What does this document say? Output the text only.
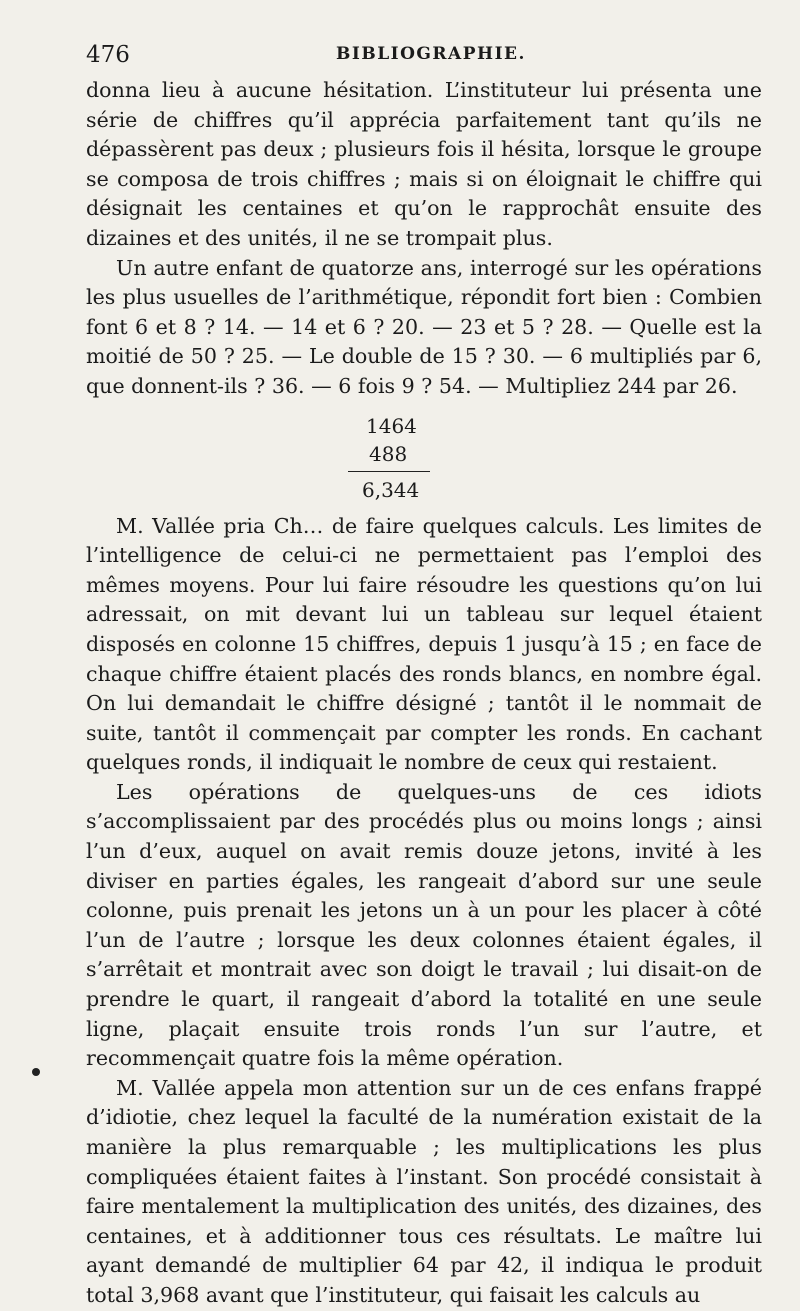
476	BIBLIOGRAPHIE.

donna lieu à aucune hésitation. L’instituteur lui présenta une série de chiffres qu’il apprécia parfaitement tant qu’ils ne dépassèrent pas deux ; plusieurs fois il hésita, lorsque le groupe se composa de trois chiffres ; mais si on éloignait le chiffre qui désignait les centaines et qu’on le rapprochât ensuite des dizaines et des unités, il ne se trompait plus.

Un autre enfant de quatorze ans, interrogé sur les opérations les plus usuelles de l’arithmétique, répondit fort bien : Combien font 6 et 8 ? 14. — 14 et 6 ? 20. — 23 et 5 ? 28. — Quelle est la moitié de 50 ? 25. — Le double de 15 ? 30. — 6 multipliés par 6, que donnent-ils ? 36. — 6 fois 9 ? 54. — Multipliez 244 par 26.

1464
488
6,344

M. Vallée pria Ch… de faire quelques calculs. Les limites de l’intelligence de celui-ci ne permettaient pas l’emploi des mêmes moyens. Pour lui faire résoudre les questions qu’on lui adressait, on mit devant lui un tableau sur lequel étaient disposés en colonne 15 chiffres, depuis 1 jusqu’à 15 ; en face de chaque chiffre étaient placés des ronds blancs, en nombre égal. On lui demandait le chiffre désigné ; tantôt il le nommait de suite, tantôt il commençait par compter les ronds. En cachant quelques ronds, il indiquait le nombre de ceux qui restaient.

Les opérations de quelques-uns de ces idiots s’accomplissaient par des procédés plus ou moins longs ; ainsi l’un d’eux, auquel on avait remis douze jetons, invité à les diviser en parties égales, les rangeait d’abord sur une seule colonne, puis prenait les jetons un à un pour les placer à côté l’un de l’autre ; lorsque les deux colonnes étaient égales, il s’arrêtait et montrait avec son doigt le travail ; lui disait-on de prendre le quart, il rangeait d’abord la totalité en une seule ligne, plaçait ensuite trois ronds l’un sur l’autre, et recommençait quatre fois la même opération.

M. Vallée appela mon attention sur un de ces enfans frappé d’idiotie, chez lequel la faculté de la numération existait de la manière la plus remarquable ; les multiplications les plus compliquées étaient faites à l’instant. Son procédé consistait à faire mentalement la multiplication des unités, des dizaines, des centaines, et à additionner tous ces résultats. Le maître lui ayant demandé de multiplier 64 par 42, il indiqua le produit total 3,968 avant que l’instituteur, qui faisait les calculs au
